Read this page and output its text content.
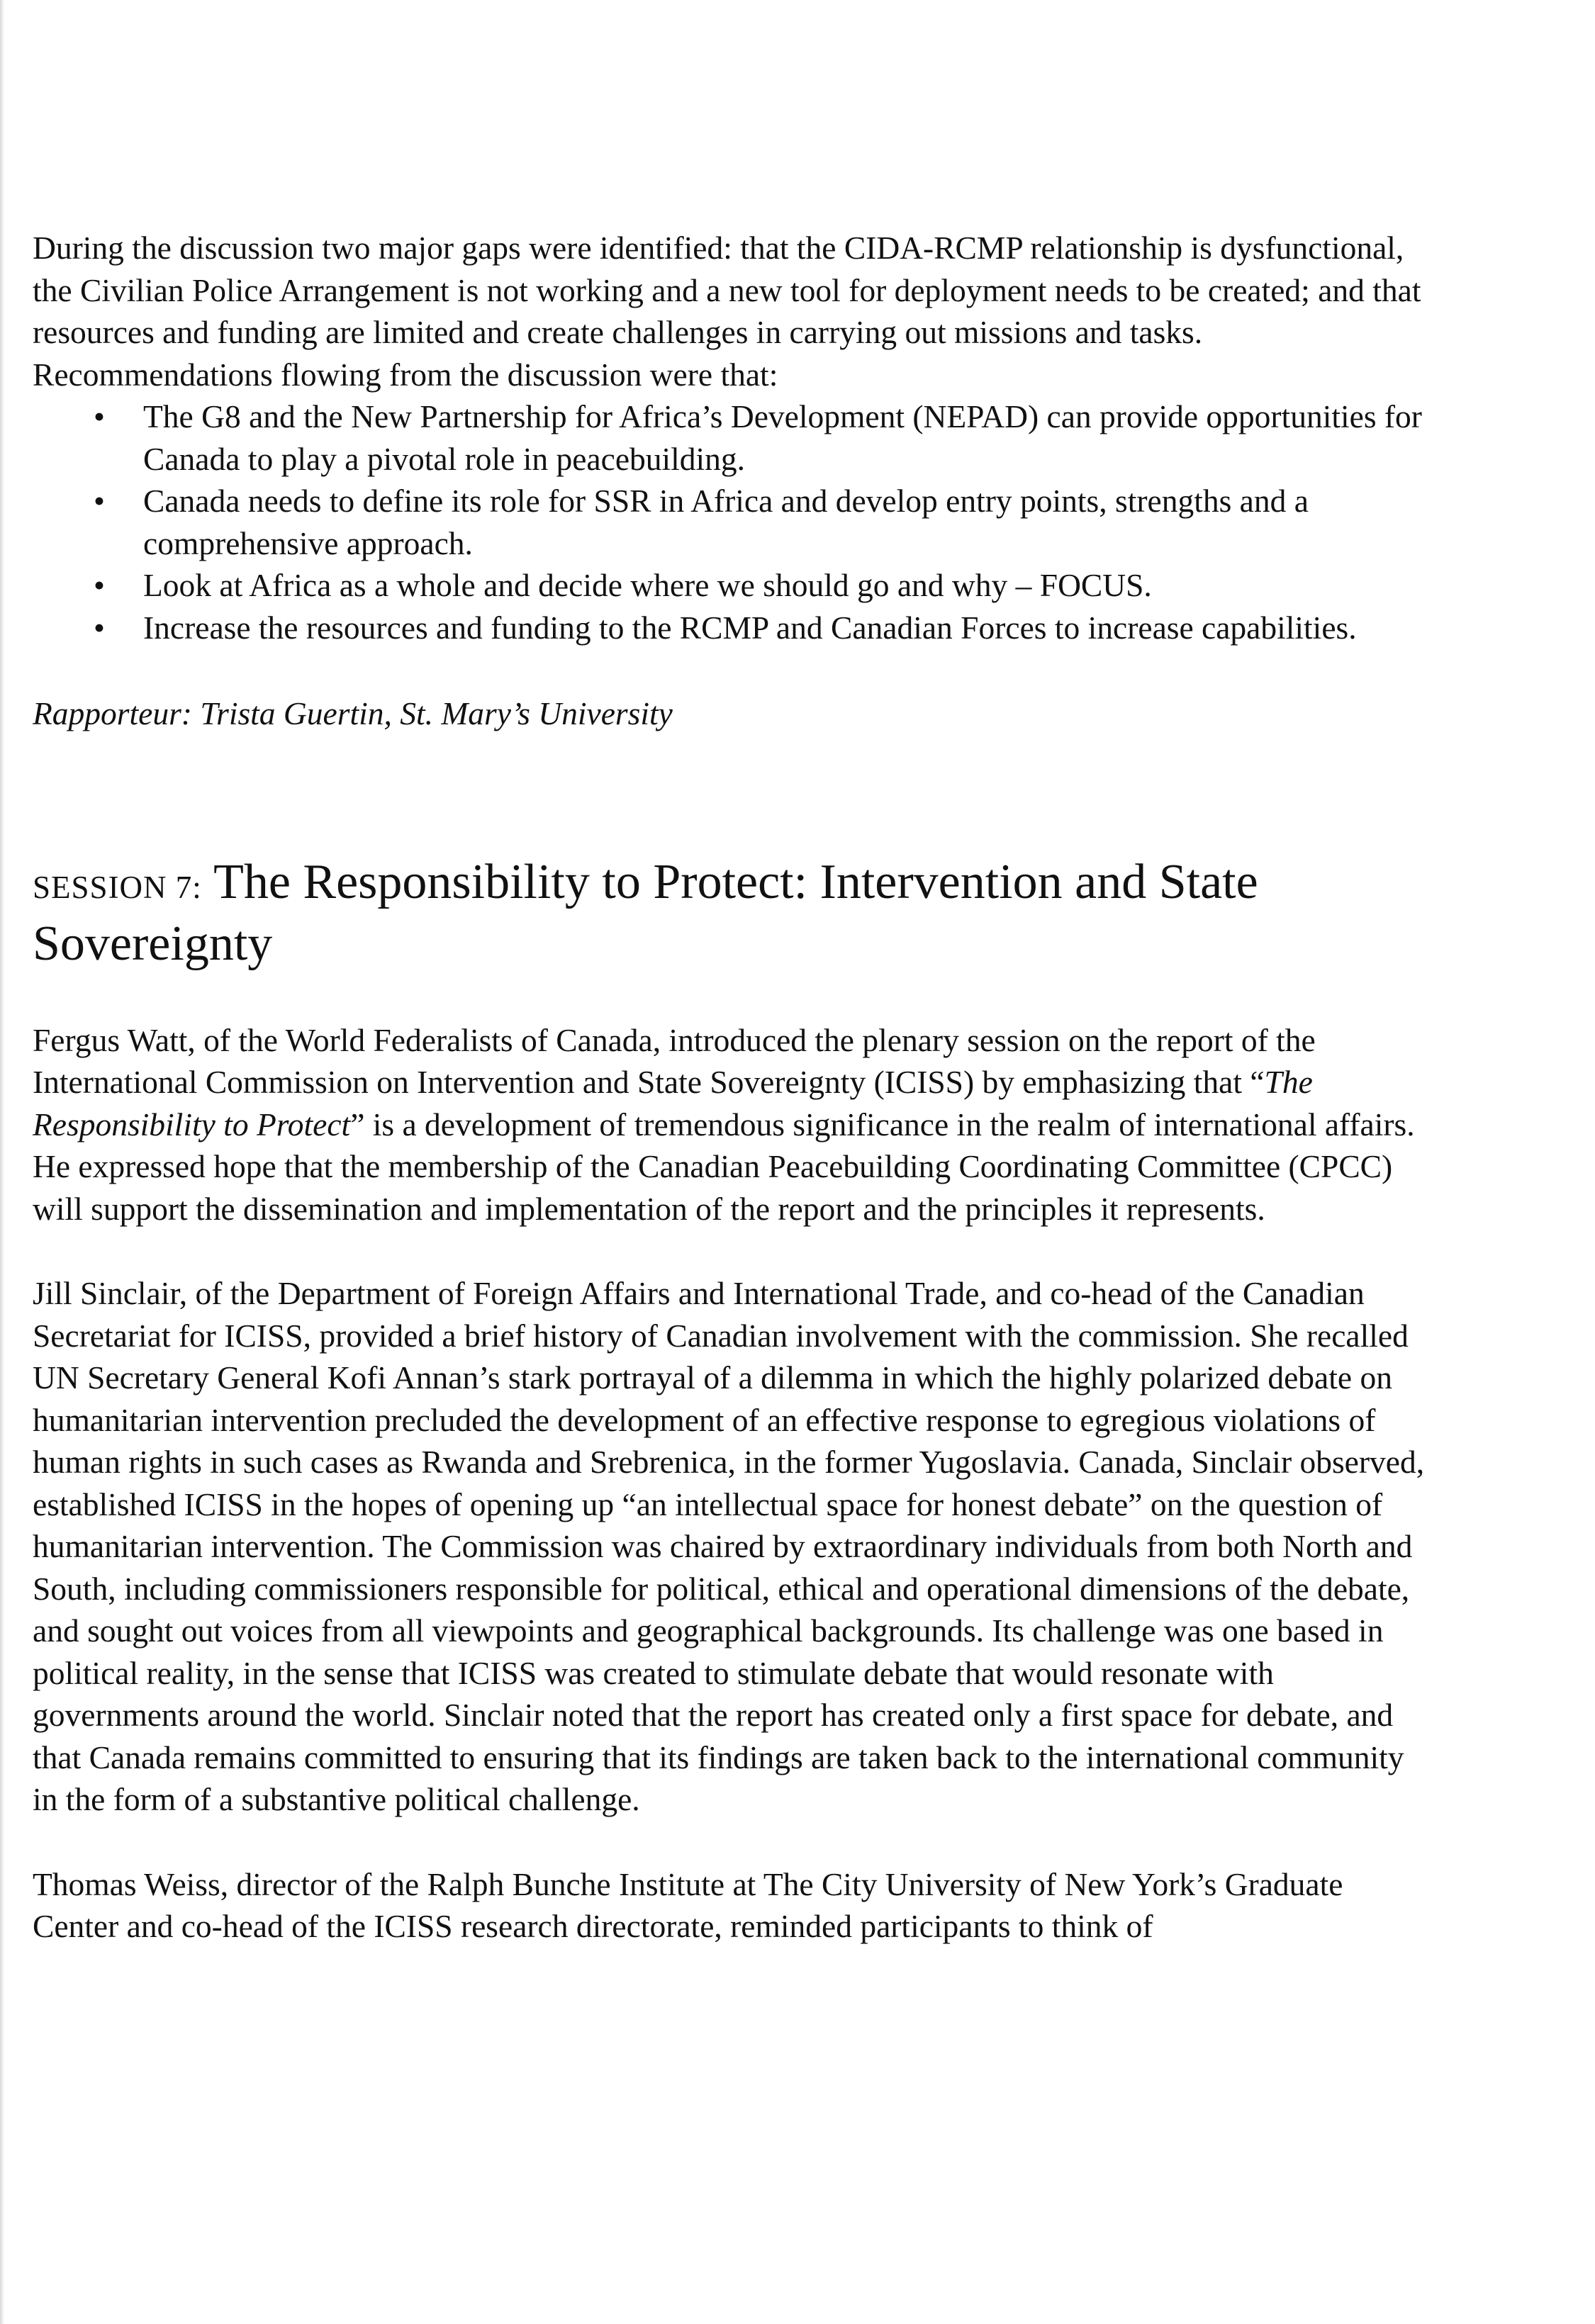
During the discussion two major gaps were identified: that the CIDA-RCMP relationship is dysfunctional, the Civilian Police Arrangement is not working and a new tool for deployment needs to be created; and that resources and funding are limited and create challenges in carrying out missions and tasks. Recommendations flowing from the discussion were that:

• The G8 and the New Partnership for Africa’s Development (NEPAD) can provide opportunities for Canada to play a pivotal role in peacebuilding.
• Canada needs to define its role for SSR in Africa and develop entry points, strengths and a comprehensive approach.
• Look at Africa as a whole and decide where we should go and why – FOCUS.
• Increase the resources and funding to the RCMP and Canadian Forces to increase capabilities.

Rapporteur: Trista Guertin, St. Mary’s University

SESSION 7: The Responsibility to Protect: Intervention and State Sovereignty

Fergus Watt, of the World Federalists of Canada, introduced the plenary session on the report of the International Commission on Intervention and State Sovereignty (ICISS) by emphasizing that “The Responsibility to Protect” is a development of tremendous significance in the realm of international affairs. He expressed hope that the membership of the Canadian Peacebuilding Coordinating Committee (CPCC) will support the dissemination and implementation of the report and the principles it represents.

Jill Sinclair, of the Department of Foreign Affairs and International Trade, and co-head of the Canadian Secretariat for ICISS, provided a brief history of Canadian involvement with the commission. She recalled UN Secretary General Kofi Annan’s stark portrayal of a dilemma in which the highly polarized debate on humanitarian intervention precluded the development of an effective response to egregious violations of human rights in such cases as Rwanda and Srebrenica, in the former Yugoslavia. Canada, Sinclair observed, established ICISS in the hopes of opening up “an intellectual space for honest debate” on the question of humanitarian intervention. The Commission was chaired by extraordinary individuals from both North and South, including commissioners responsible for political, ethical and operational dimensions of the debate, and sought out voices from all viewpoints and geographical backgrounds. Its challenge was one based in political reality, in the sense that ICISS was created to stimulate debate that would resonate with governments around the world. Sinclair noted that the report has created only a first space for debate, and that Canada remains committed to ensuring that its findings are taken back to the international community in the form of a substantive political challenge.

Thomas Weiss, director of the Ralph Bunche Institute at The City University of New York’s Graduate Center and co-head of the ICISS research directorate, reminded participants to think of
